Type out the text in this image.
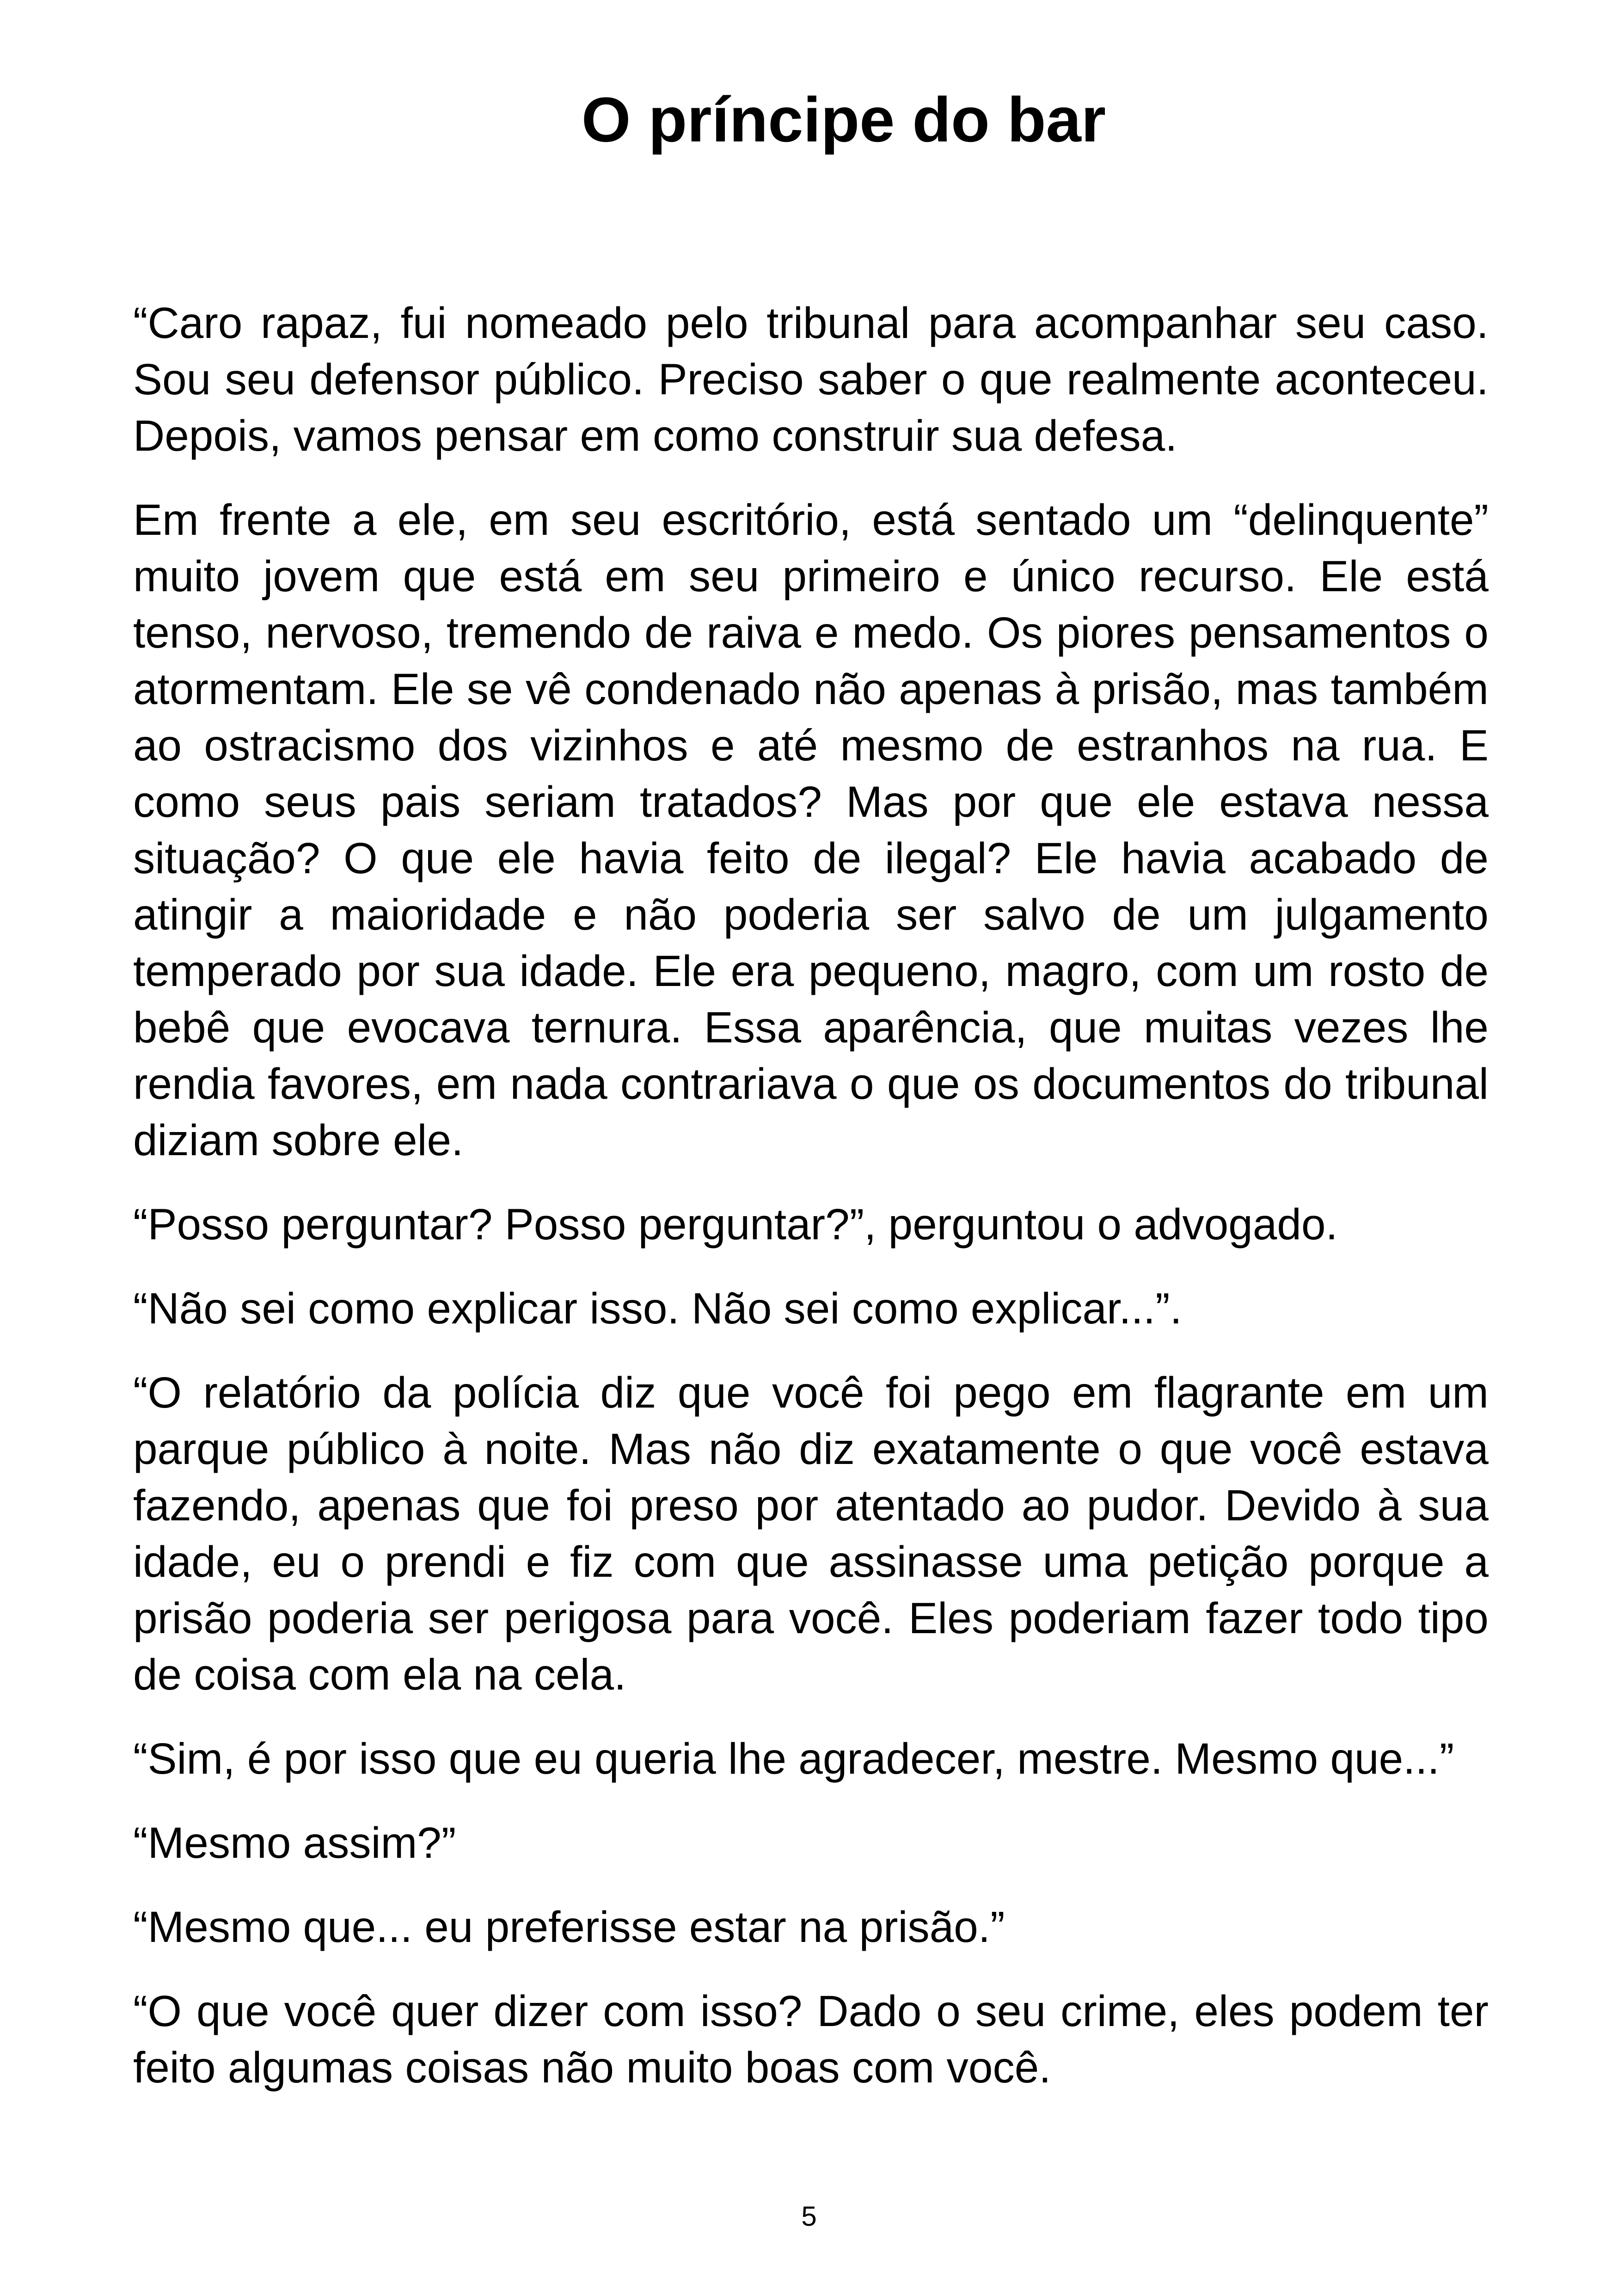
O príncipe do bar

“Caro rapaz, fui nomeado pelo tribunal para acompanhar seu caso. Sou seu defensor público. Preciso saber o que realmente aconteceu. Depois, vamos pensar em como construir sua defesa.

Em frente a ele, em seu escritório, está sentado um “delinquente” muito jovem que está em seu primeiro e único recurso. Ele está tenso, nervoso, tremendo de raiva e medo. Os piores pensamentos o atormentam. Ele se vê condenado não apenas à prisão, mas também ao ostracismo dos vizinhos e até mesmo de estranhos na rua. E como seus pais seriam tratados? Mas por que ele estava nessa situação? O que ele havia feito de ilegal? Ele havia acabado de atingir a maioridade e não poderia ser salvo de um julgamento temperado por sua idade. Ele era pequeno, magro, com um rosto de bebê que evocava ternura. Essa aparência, que muitas vezes lhe rendia favores, em nada contrariava o que os documentos do tribunal diziam sobre ele.

“Posso perguntar? Posso perguntar?”, perguntou o advogado.

“Não sei como explicar isso. Não sei como explicar...”.

“O relatório da polícia diz que você foi pego em flagrante em um parque público à noite. Mas não diz exatamente o que você estava fazendo, apenas que foi preso por atentado ao pudor. Devido à sua idade, eu o prendi e fiz com que assinasse uma petição porque a prisão poderia ser perigosa para você. Eles poderiam fazer todo tipo de coisa com ela na cela.

“Sim, é por isso que eu queria lhe agradecer, mestre. Mesmo que...”

“Mesmo assim?”

“Mesmo que... eu preferisse estar na prisão.”

“O que você quer dizer com isso? Dado o seu crime, eles podem ter feito algumas coisas não muito boas com você.

5
